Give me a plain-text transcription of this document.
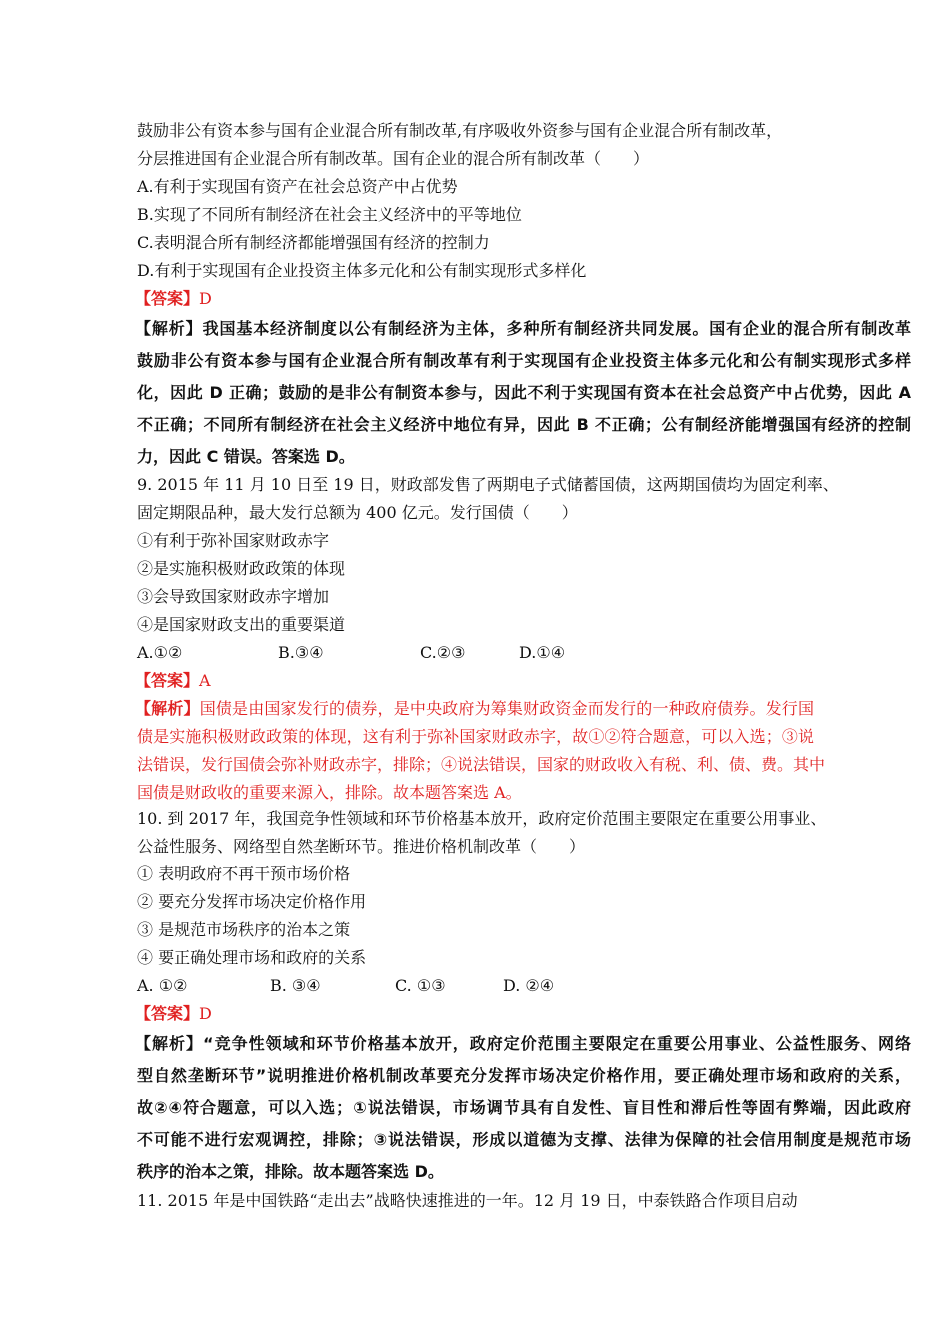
鼓励非公有资本参与国有企业混合所有制改革,有序吸收外资参与国有企业混合所有制改革，
分层推进国有企业混合所有制改革。国有企业的混合所有制改革（　　）
A.有利于实现国有资产在社会总资产中占优势
B.实现了不同所有制经济在社会主义经济中的平等地位
C.表明混合所有制经济都能增强国有经济的控制力
D.有利于实现国有企业投资主体多元化和公有制实现形式多样化
【答案】D
【解析】我国基本经济制度以公有制经济为主体，多种所有制经济共同发展。国有企业的混合所有制改革
鼓励非公有资本参与国有企业混合所有制改革有利于实现国有企业投资主体多元化和公有制实现形式多样
化，因此 D 正确；鼓励的是非公有制资本参与，因此不利于实现国有资本在社会总资产中占优势，因此 A
不正确；不同所有制经济在社会主义经济中地位有异，因此 B 不正确；公有制经济能增强国有经济的控制
力，因此 C 错误。答案选 D。
9. 2015 年 11 月 10 日至 19 日，财政部发售了两期电子式储蓄国债，这两期国债均为固定利率、
固定期限品种，最大发行总额为 400 亿元。发行国债（　　）
①有利于弥补国家财政赤字
②是实施积极财政政策的体现
③会导致国家财政赤字增加
④是国家财政支出的重要渠道
A.①②	B.③④	C.②③	D.①④
【答案】A
【解析】国债是由国家发行的债券，是中央政府为筹集财政资金而发行的一种政府债券。发行国
债是实施积极财政政策的体现，这有利于弥补国家财政赤字，故①②符合题意，可以入选；③说
法错误，发行国债会弥补财政赤字，排除；④说法错误，国家的财政收入有税、利、债、费。其中
国债是财政收的重要来源入，排除。故本题答案选 A。
10. 到 2017 年，我国竞争性领域和环节价格基本放开，政府定价范围主要限定在重要公用事业、
公益性服务、网络型自然垄断环节。推进价格机制改革（　　）
① 表明政府不再干预市场价格
② 要充分发挥市场决定价格作用
③ 是规范市场秩序的治本之策
④ 要正确处理市场和政府的关系
A. ①②	B. ③④	C. ①③	D. ②④
【答案】D
【解析】“竞争性领域和环节价格基本放开，政府定价范围主要限定在重要公用事业、公益性服务、网络
型自然垄断环节”说明推进价格机制改革要充分发挥市场决定价格作用，要正确处理市场和政府的关系，
故②④符合题意，可以入选；①说法错误，市场调节具有自发性、盲目性和滞后性等固有弊端，因此政府
不可能不进行宏观调控，排除；③说法错误，形成以道德为支撑、法律为保障的社会信用制度是规范市场
秩序的治本之策，排除。故本题答案选 D。
11. 2015 年是中国铁路“走出去”战略快速推进的一年。12 月 19 日，中泰铁路合作项目启动
